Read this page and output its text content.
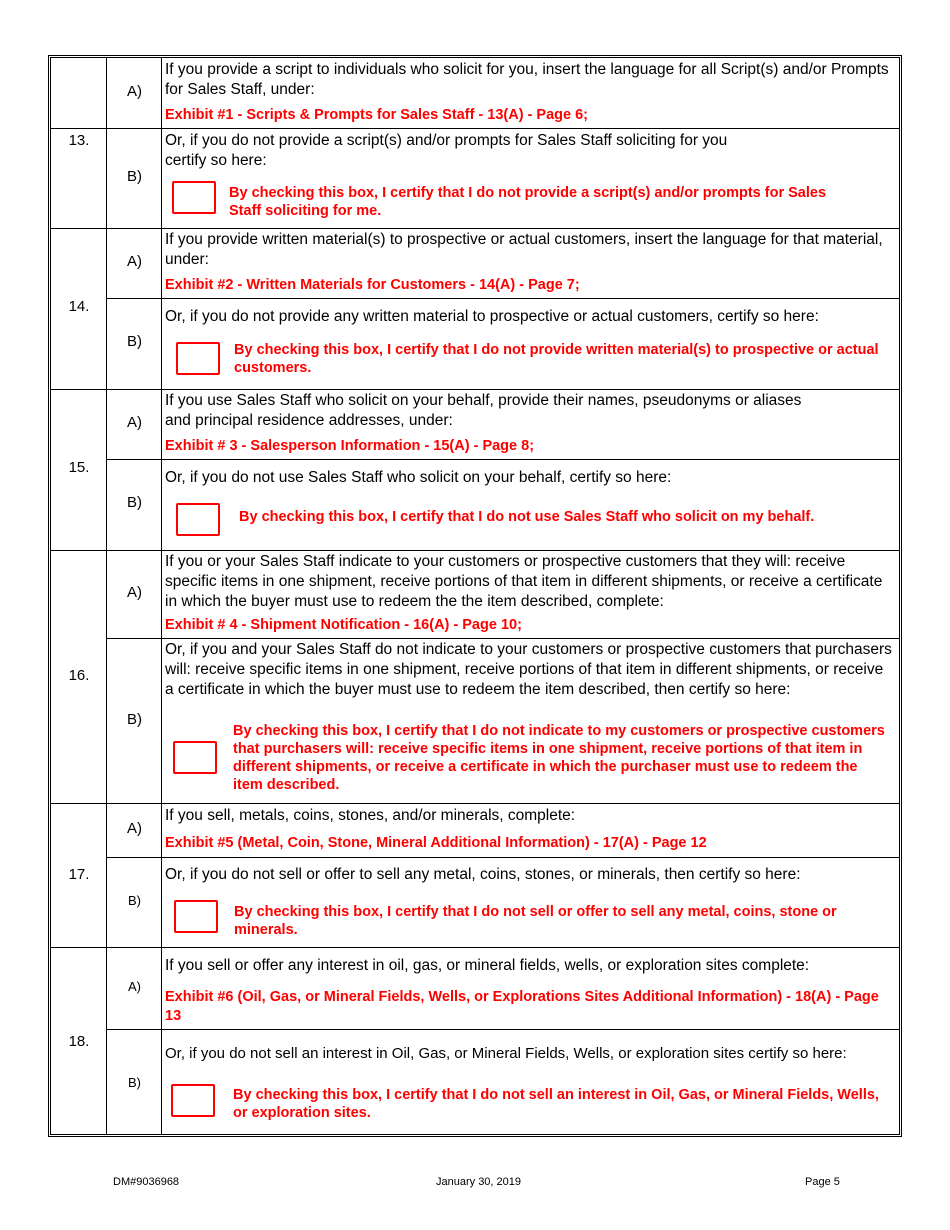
13.
A)
If you provide a script to individuals who solicit for you, insert the language for all Script(s) and/or Prompts for Sales Staff, under:
Exhibit #1 - Scripts & Prompts for Sales Staff - 13(A) - Page 6;
B)
Or, if you do not provide a script(s) and/or prompts for Sales Staff soliciting for you
certify so here:
By checking this box, I certify that I do not provide a script(s) and/or prompts for Sales Staff soliciting for me.
14.
A)
If you provide written material(s) to prospective or actual customers, insert the language for that material, under:
Exhibit #2 - Written Materials for Customers - 14(A) - Page 7;
B)
Or, if you do not provide any written material to prospective or actual customers, certify so here:
By checking this box, I certify that I do not provide written material(s) to prospective or actual customers.
15.
A)
If you use Sales Staff who solicit on your behalf, provide their names, pseudonyms or aliases
and principal residence addresses, under:
Exhibit # 3 - Salesperson Information - 15(A) - Page 8;
B)
Or, if you do not use Sales Staff who solicit on your behalf, certify so here:
By checking this box, I certify that I do not use Sales Staff who solicit on my behalf.
16.
A)
If you or your Sales Staff indicate to your customers or prospective customers that they will: receive specific items in one shipment, receive portions of that item in different shipments, or receive a certificate in which the buyer must use to redeem the the item described, complete:
Exhibit # 4 - Shipment Notification - 16(A) - Page 10;
B)
Or, if you and your Sales Staff do not indicate to your customers or prospective customers that purchasers will: receive specific items in one shipment, receive portions of that item in different shipments, or receive a certificate in which the buyer must use to redeem the item described, then certify so here:
By checking this box, I certify that I do not indicate to my customers or prospective customers that purchasers will: receive specific items in one shipment, receive portions of that item in different shipments, or receive a certificate in which the purchaser must use to redeem the item described.
17.
A)
If you sell, metals, coins, stones, and/or minerals, complete:
Exhibit #5 (Metal, Coin, Stone, Mineral Additional Information) - 17(A) - Page 12
B)
Or, if you do not sell or offer to sell any metal, coins, stones, or minerals, then certify so here:
By checking this box, I certify that I do not sell or offer to sell any metal, coins, stone or minerals.
18.
A)
If you sell or offer any interest in oil, gas, or mineral fields, wells, or exploration sites complete:
Exhibit #6 (Oil, Gas, or Mineral Fields, Wells, or Explorations Sites Additional Information) - 18(A) - Page 13
B)
Or, if you do not sell an interest in Oil, Gas, or Mineral Fields, Wells, or exploration sites certify so here:
By checking this box, I certify that I do not sell an interest in Oil, Gas, or Mineral Fields, Wells, or exploration sites.
DM#9036968	January 30, 2019	Page 5
